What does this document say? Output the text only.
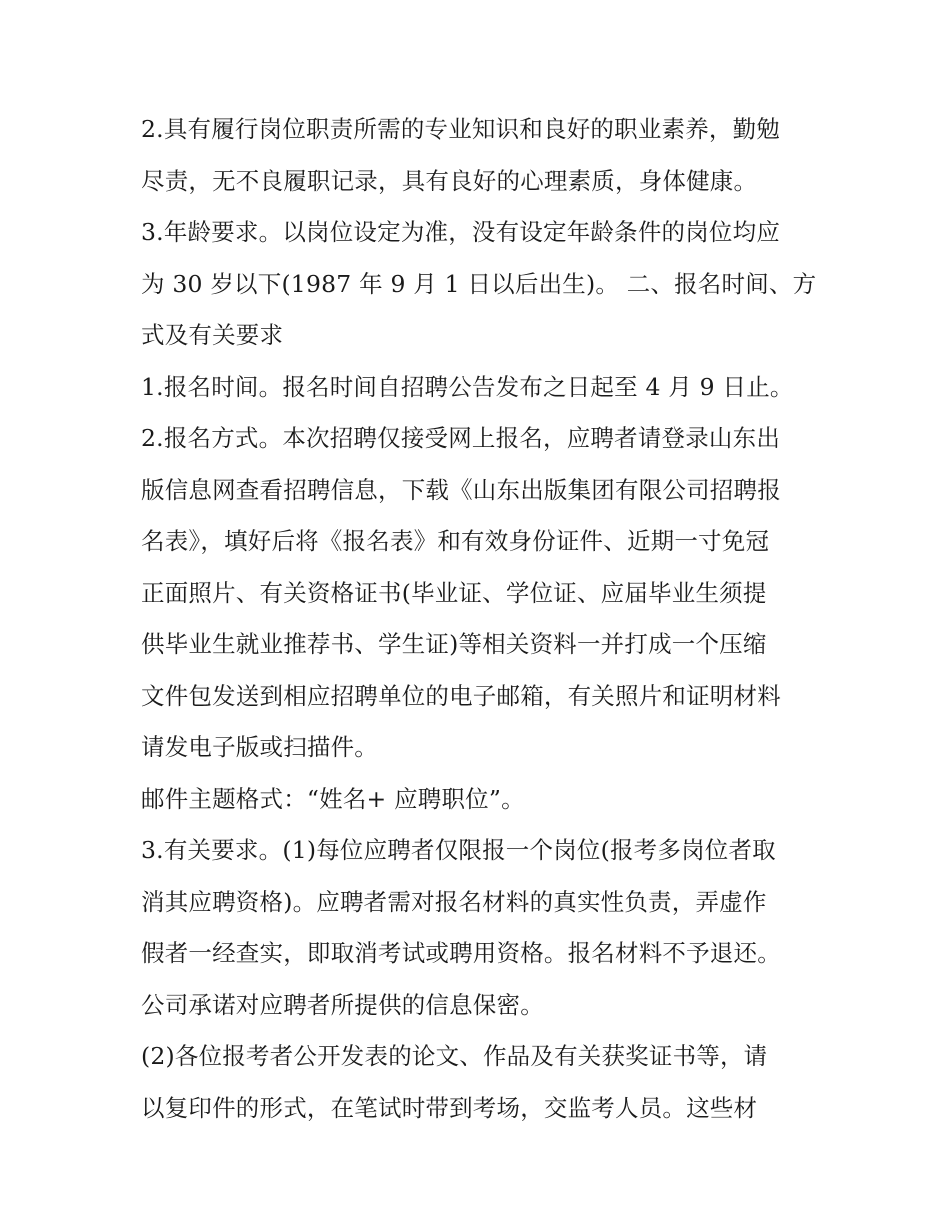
2.具有履行岗位职责所需的专业知识和良好的职业素养，勤勉
尽责，无不良履职记录，具有良好的心理素质，身体健康。
3.年龄要求。以岗位设定为准，没有设定年龄条件的岗位均应
为 30 岁以下(1987 年 9 月 1 日以后出生)。 二、报名时间、方
式及有关要求
1.报名时间。报名时间自招聘公告发布之日起至 4 月 9 日止。
2.报名方式。本次招聘仅接受网上报名，应聘者请登录山东出
版信息网查看招聘信息，下载《山东出版集团有限公司招聘报
名表》，填好后将《报名表》和有效身份证件、近期一寸免冠
正面照片、有关资格证书(毕业证、学位证、应届毕业生须提
供毕业生就业推荐书、学生证)等相关资料一并打成一个压缩
文件包发送到相应招聘单位的电子邮箱，有关照片和证明材料
请发电子版或扫描件。
邮件主题格式：“姓名+ 应聘职位”。
3.有关要求。(1)每位应聘者仅限报一个岗位(报考多岗位者取
消其应聘资格)。应聘者需对报名材料的真实性负责，弄虚作
假者一经查实，即取消考试或聘用资格。报名材料不予退还。
公司承诺对应聘者所提供的信息保密。
(2)各位报考者公开发表的论文、作品及有关获奖证书等，请
以复印件的形式，在笔试时带到考场，交监考人员。这些材
